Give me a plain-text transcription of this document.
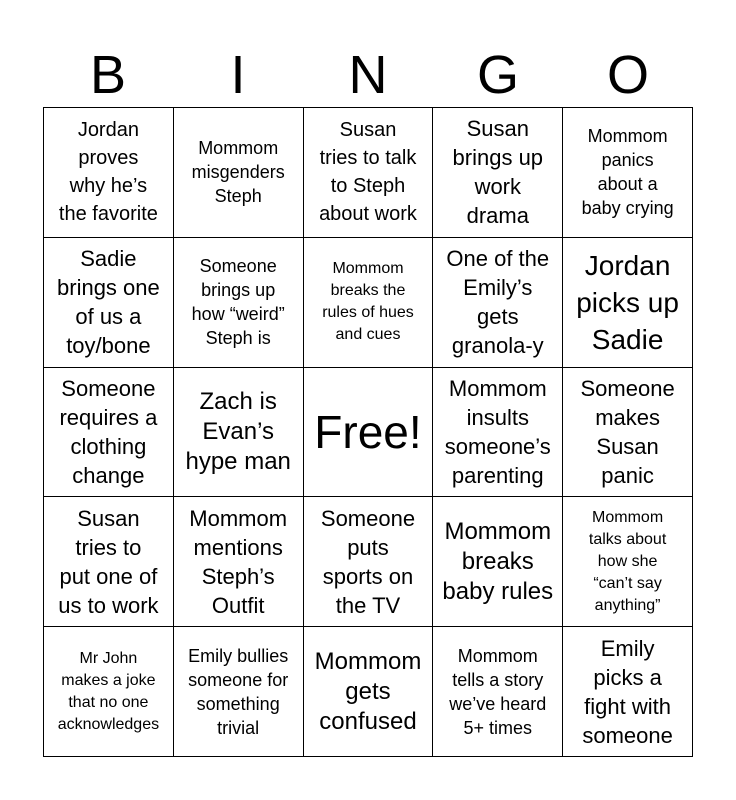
B	I	N	G	O
Jordan
proves
why he’s
the favorite
Mommom
misgenders
Steph
Susan
tries to talk
to Steph
about work
Susan
brings up
work
drama
Mommom
panics
about a
baby crying
Sadie
brings one
of us a
toy/bone
Someone
brings up
how “weird”
Steph is
Mommom
breaks the
rules of hues
and cues
One of the
Emily’s
gets
granola-y
Jordan
picks up
Sadie
Someone
requires a
clothing
change
Zach is
Evan’s
hype man
Free!
Mommom
insults
someone’s
parenting
Someone
makes
Susan
panic
Susan
tries to
put one of
us to work
Mommom
mentions
Steph’s
Outfit
Someone
puts
sports on
the TV
Mommom
breaks
baby rules
Mommom
talks about
how she
“can’t say
anything”
Mr John
makes a joke
that no one
acknowledges
Emily bullies
someone for
something
trivial
Mommom
gets
confused
Mommom
tells a story
we’ve heard
5+ times
Emily
picks a
fight with
someone
